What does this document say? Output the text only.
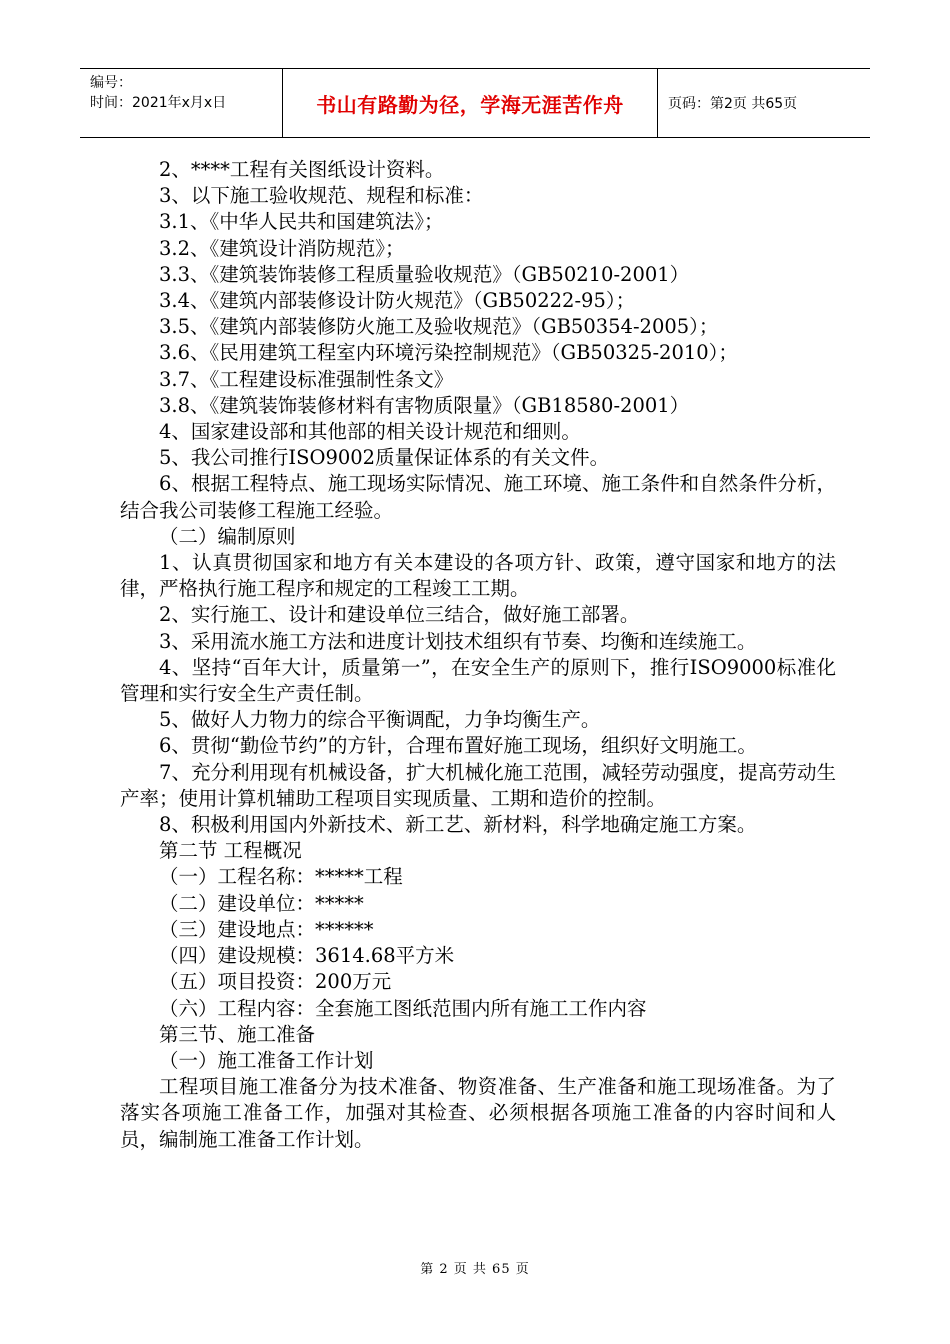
编号：
时间：2021年x月x日	书山有路勤为径，学海无涯苦作舟	页码：第2页 共65页

2、****工程有关图纸设计资料。

3、以下施工验收规范、规程和标准：

3.1、《中华人民共和国建筑法》；

3.2、《建筑设计消防规范》；

3.3、《建筑装饰装修工程质量验收规范》（GB50210-2001）

3.4、《建筑内部装修设计防火规范》（GB50222-95）；

3.5、《建筑内部装修防火施工及验收规范》（GB50354-2005）；

3.6、《民用建筑工程室内环境污染控制规范》（GB50325-2010）；

3.7、《工程建设标准强制性条文》

3.8、《建筑装饰装修材料有害物质限量》（GB18580-2001）

4、国家建设部和其他部的相关设计规范和细则。

5、我公司推行ISO9002质量保证体系的有关文件。

6、根据工程特点、施工现场实际情况、施工环境、施工条件和自然条件分析，结合我公司装修工程施工经验。

（二）编制原则

1、认真贯彻国家和地方有关本建设的各项方针、政策，遵守国家和地方的法律，严格执行施工程序和规定的工程竣工工期。

2、实行施工、设计和建设单位三结合，做好施工部署。

3、采用流水施工方法和进度计划技术组织有节奏、均衡和连续施工。

4、坚持“百年大计，质量第一”，在安全生产的原则下，推行ISO9000标准化管理和实行安全生产责任制。

5、做好人力物力的综合平衡调配，力争均衡生产。

6、贯彻“勤俭节约”的方针，合理布置好施工现场，组织好文明施工。

7、充分利用现有机械设备，扩大机械化施工范围，减轻劳动强度，提高劳动生产率；使用计算机辅助工程项目实现质量、工期和造价的控制。

8、积极利用国内外新技术、新工艺、新材料，科学地确定施工方案。

第二节 工程概况

（一）工程名称：*****工程

（二）建设单位：*****

（三）建设地点：******

（四）建设规模：3614.68平方米

（五）项目投资：200万元

（六）工程内容：全套施工图纸范围内所有施工工作内容

第三节、施工准备

（一）施工准备工作计划

工程项目施工准备分为技术准备、物资准备、生产准备和施工现场准备。为了落实各项施工准备工作，加强对其检查、必须根据各项施工准备的内容时间和人员，编制施工准备工作计划。

第 2 页 共 65 页
